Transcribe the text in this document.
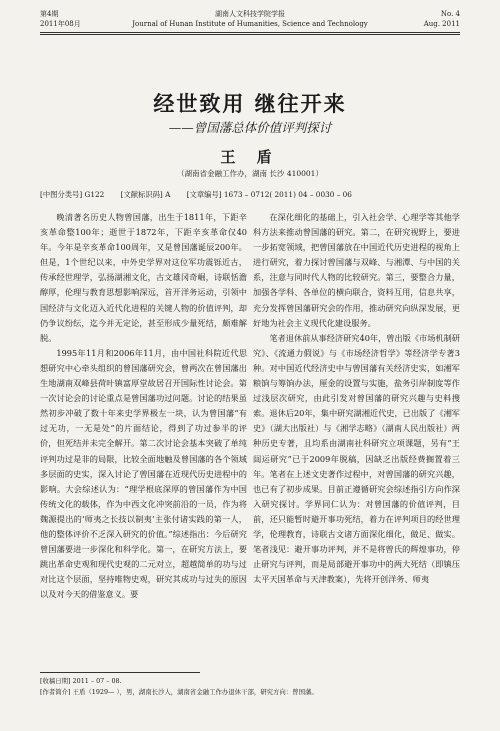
第4期
2011年08月
湖南人文科技学院学报
Journal of Hunan Institute of Humanities, Science and Technology
No. 4
Aug. 2011
经世致用 继往开来
——曾国藩总体价值评判探讨
王 盾
（湖南省金融工作办，湖南 长沙 410001）
[中图分类号] G122 [文献标识码] A [文章编号] 1673 – 0712( 2011) 04 – 0030 – 06

晚清著名历史人物曾国藩，出生于1811年，下距辛亥革命整100年；逝世于1872年，下距辛亥革命仅40年。今年是辛亥革命100周年，又是曾国藩诞辰200年。但是，1个世纪以来，中外史学界对这位军功震铄近古，传承经世理学，弘扬湖湘文化，古文雄冈奇崛，诗联恬澹醇厚，伦理与教育思想影响深远，首开洋务运动，引领中国经济与文化迈入近代化进程的关键人物的价值评判，却仍争议纷纭，迄今并无定论，甚至形成少量死结，颇难解脱。

1995年11月和2006年11月，由中国社科院近代思想研究中心牵头组织的曾国藩研究会，曾两次在曾国藩出生地湖南双峰县荷叶镇富厚堂故居召开国际性讨论会。第一次讨论会的讨论重点是曾国藩功过问题。讨论的结果虽然初步冲破了数十年来史学界极左一块，认为曾国藩“有过无功，一无是处”的片面结论，得到了功过参半的评价，但死结并未完全解开。第二次讨论会基本突破了单纯评判功过是非的局限，比较全面地触及曾国藩的各个领域多层面的史实，深入讨论了曾国藩在近现代历史进程中的影响。大会综述认为：“理学根底深厚的曾国藩作为中国传统文化的载体，作为中西文化冲突前沿的一员，作为将魏源提出的‘师夷之长技以制夷’主张付诸实践的第一人，他的整体评价不乏深入研究的价值。”综述指出：今后研究曾国藩要进一步深化和科学化。第一，在研究方法上，要跳出革命史观和现代史观的二元对立，超越简单的功与过对比这个层面，坚持唯物史观，研究其成功与过失的原因以及对今天的借鉴意义。要

在深化细化的基础上，引入社会学、心理学等其他学科方法来推动曾国藩的研究。第二，在研究视野上，要进一步拓宽领域，把曾国藩放在中国近代历史进程的视角上进行研究，着力探讨曾国藩与双峰、与湘潭、与中国的关系，注意与同时代人物的比较研究。第三，要整合力量，加强各学科、各单位的横向联合，资料互用，信息共享，充分发挥曾国藩研究会的作用，推动研究向纵深发展，更好地为社会主义现代化建设服务。

笔者退休前从事经济研究40年，曾出版《市场机制研究》、《流通力假说》与《市场经济哲学》等经济学专著3种。对中国近代经济史中与曾国藩有关经济史实，如湘军粮饷与筹饷办法，厘金的设置与实施，盐务引岸制度等作过浅层次研究，由此引发对曾国藩的研究兴趣与史料搜索。退休后20年，集中研究湖湘近代史，已出版了《湘军史》（湖大出版社）与《湘学志略》（湖南人民出版社）两种历史专著，且均系由湖南社科研究立项课题，另有“王闿运研究”已于2009年脱稿，因缺乏出版经费搁置着三年。笔者在上述文史著作过程中，对曾国藩的研究兴趣，也已有了初步成果。目前正遵循研究会综述指引方向作深入研究探讨。学界同仁认为：对曾国藩的价值评判，目前，还只能暂时避开事功死结，着力在评判项目的经世理学，伦理教育，诗联古文诸方面深化细化，做足、做实。笔者浅见：避开事功评判，并不是将曾氏的辉煌事功，停止研究与评判，而是局部避开事功中的两大死结（即镇压太平天国革命与天津教案），先将开创洋务、师夷

[收稿日期] 2011 – 07 – 08.
[作者简介] 王盾（1929— ），男，湖南长沙人，湖南省金融工作办退休干部，研究方向：曾国藩。
